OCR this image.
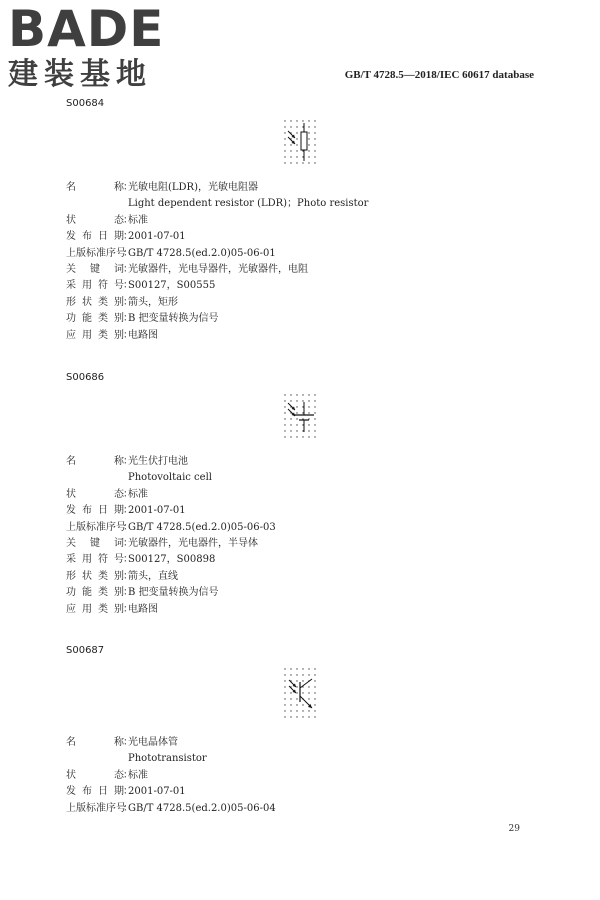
BADE
建装基地	GB/T 4728.5—2018/IEC 60617 database
S00684
S00686
S00687
名	称
： 光敏电阻(LDR)，光敏电阻器
Light dependent resistor (LDR)；Photo resistor
状	态
： 标准
发 布 日 期
： 2001-07-01
上 版 标 准 序 号
： GB/T 4728.5(ed.2.0)05-06-01
关 键 词
： 光敏器件，光电导器件，光敏器件，电阻
采 用 符 号
： S00127，S00555
形 状 类 别
： 箭头，矩形
功 能 类 别
： B 把变量转换为信号
应 用 类 别
： 电路图
名	称
： 光生伏打电池
Photovoltaic cell
状	态
： 标准
发 布 日 期
： 2001-07-01
上 版 标 准 序 号
： GB/T 4728.5(ed.2.0)05-06-03
关 键 词
： 光敏器件，光电器件，半导体
采 用 符 号
： S00127，S00898
形 状 类 别
： 箭头，直线
功 能 类 别
： B 把变量转换为信号
应 用 类 别
： 电路图
名	称
： 光电晶体管
Phototransistor
状	态
： 标准
发 布 日 期
： 2001-07-01
上 版 标 准 序 号
： GB/T 4728.5(ed.2.0)05-06-04
29
